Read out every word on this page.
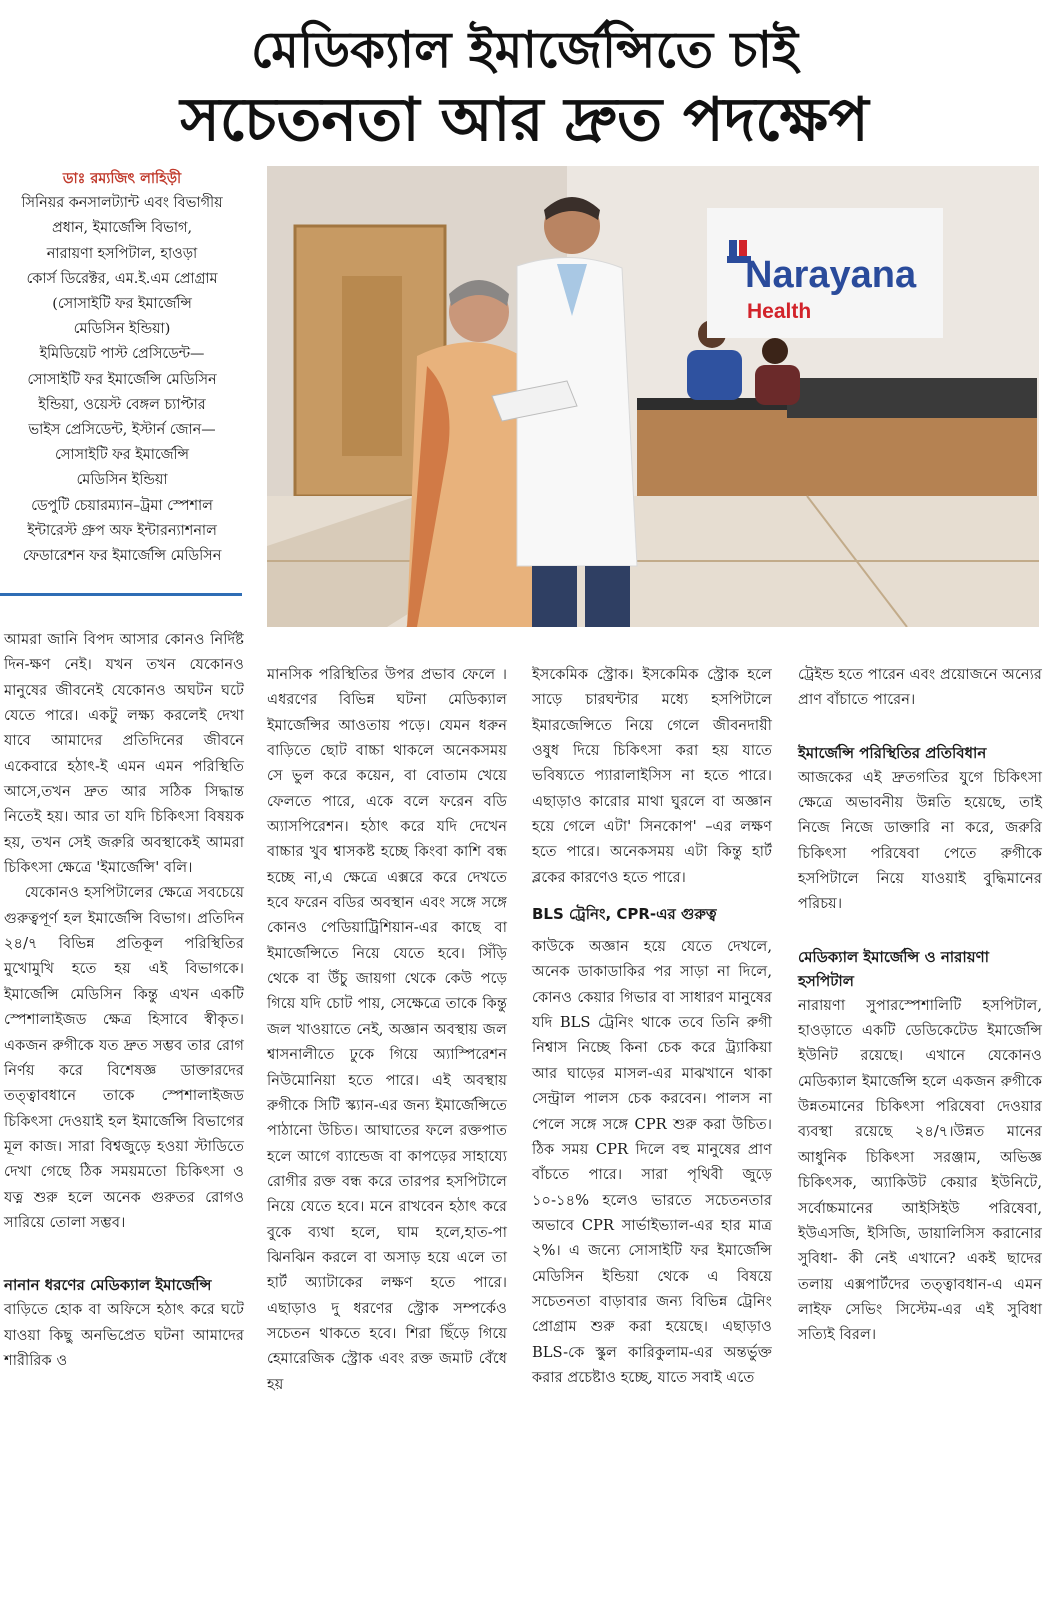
মেডিক্যাল ইমার্জেন্সিতে চাই
সচেতনতা আর দ্রুত পদক্ষেপ
ডাঃ রম্যজিৎ লাহিড়ী
সিনিয়র কনসালট্যান্ট এবং বিভাগীয়
প্রধান, ইমার্জেন্সি বিভাগ,
নারায়ণা হসপিটাল, হাওড়া
কোর্স ডিরেক্টর, এম.ই.এম প্রোগ্রাম
(সোসাইটি ফর ইমার্জেন্সি
মেডিসিন ইন্ডিয়া)
ইমিডিয়েট পাস্ট প্রেসিডেন্ট—
সোসাইটি ফর ইমার্জেন্সি মেডিসিন
ইন্ডিয়া, ওয়েস্ট বেঙ্গল চ্যাপ্টার
ভাইস প্রেসিডেন্ট, ইস্টার্ন জোন—
সোসাইটি ফর ইমার্জেন্সি
মেডিসিন ইন্ডিয়া
ডেপুটি চেয়ারম্যান–ট্রমা স্পেশাল
ইন্টারেস্ট গ্রুপ অফ ইন্টারন্যাশনাল
ফেডারেশন ফর ইমার্জেন্সি মেডিসিন
Narayana
Health

আমরা জানি বিপদ আসার কোনও নির্দিষ্ট দিন-ক্ষণ নেই। যখন তখন যেকোনও মানুষের জীবনেই যেকোনও অঘটন ঘটে যেতে পারে। একটু লক্ষ্য করলেই দেখা যাবে আমাদের প্রতিদিনের জীবনে একেবারে হঠাৎ-ই এমন এমন পরিস্থিতি আসে,তখন দ্রুত আর সঠিক সিদ্ধান্ত নিতেই হয়। আর তা যদি চিকিৎসা বিষয়ক হয়, তখন সেই জরুরি অবস্থাকেই আমরা চিকিৎসা ক্ষেত্রে 'ইমার্জেন্সি' বলি।

যেকোনও হসপিটালের ক্ষেত্রে সবচেয়ে গুরুত্বপূর্ণ হল ইমার্জেন্সি বিভাগ। প্রতিদিন ২৪/৭ বিভিন্ন প্রতিকূল পরিস্থিতির মুখোমুখি হতে হয় এই বিভাগকে। ইমার্জেন্সি মেডিসিন কিন্তু এখন একটি স্পেশালাইজড ক্ষেত্র হিসাবে স্বীকৃত। একজন রুগীকে যত দ্রুত সম্ভব তার রোগ নির্ণয় করে বিশেষজ্ঞ ডাক্তারদের তত্ত্বাবধানে তাকে স্পেশালাইজড চিকিৎসা দেওয়াই হল ইমার্জেন্সি বিভাগের মূল কাজ। সারা বিশ্বজুড়ে হওয়া স্টাডিতে দেখা গেছে ঠিক সময়মতো চিকিৎসা ও যত্ন শুরু হলে অনেক গুরুতর রোগও সারিয়ে তোলা সম্ভব।

নানান ধরণের মেডিক্যাল ইমার্জেন্সি

বাড়িতে হোক বা অফিসে হঠাৎ করে ঘটে যাওয়া কিছু অনভিপ্রেত ঘটনা আমাদের শারীরিক ও

মানসিক পরিস্থিতির উপর প্রভাব ফেলে । এধরণের বিভিন্ন ঘটনা মেডিক্যাল ইমার্জেন্সির আওতায় পড়ে। যেমন ধরুন বাড়িতে ছোট বাচ্চা থাকলে অনেকসময় সে ভুল করে কয়েন, বা বোতাম খেয়ে ফেলতে পারে, একে বলে ফরেন বডি অ্যাসপিরেশন। হঠাৎ করে যদি দেখেন বাচ্চার খুব শ্বাসকষ্ট হচ্ছে কিংবা কাশি বন্ধ হচ্ছে না,এ ক্ষেত্রে এক্সরে করে দেখতে হবে ফরেন বডির অবস্থান এবং সঙ্গে সঙ্গে কোনও পেডিয়াট্রিশিয়ান-এর কাছে বা ইমার্জেন্সিতে নিয়ে যেতে হবে। সিঁড়ি থেকে বা উঁচু জায়গা থেকে কেউ পড়ে গিয়ে যদি চোট পায়, সেক্ষেত্রে তাকে কিন্তু জল খাওয়াতে নেই, অজ্ঞান অবস্থায় জল শ্বাসনালীতে ঢুকে গিয়ে অ্যাস্পিরেশন নিউমোনিয়া হতে পারে। এই অবস্থায় রুগীকে সিটি স্ক্যান-এর জন্য ইমার্জেন্সিতে পাঠানো উচিত। আঘাতের ফলে রক্তপাত হলে আগে ব্যান্ডেজ বা কাপড়ের সাহায্যে রোগীর রক্ত বন্ধ করে তারপর হসপিটালে নিয়ে যেতে হবে। মনে রাখবেন হঠাৎ করে বুকে ব্যথা হলে, ঘাম হলে,হাত-পা ঝিনঝিন করলে বা অসাড় হয়ে এলে তা হার্ট অ্যাটাকের লক্ষণ হতে পারে। এছাড়াও দু ধরণের স্ট্রোক সম্পর্কেও সচেতন থাকতে হবে। শিরা ছিঁড়ে গিয়ে হেমারেজিক স্ট্রোক এবং রক্ত জমাট বেঁধে হয়

ইসকেমিক স্ট্রোক। ইসকেমিক স্ট্রোক হলে সাড়ে চারঘন্টার মধ্যে হসপিটালে ইমারজেন্সিতে নিয়ে গেলে জীবনদায়ী ওষুধ দিয়ে চিকিৎসা করা হয় যাতে ভবিষ্যতে প্যারালাইসিস না হতে পারে। এছাড়াও কারোর মাথা ঘুরলে বা অজ্ঞান হয়ে গেলে এটা' সিনকোপ' –এর লক্ষণ হতে পারে। অনেকসময় এটা কিন্তু হার্ট ব্লকের কারণেও হতে পারে।

BLS ট্রেনিং, CPR-এর গুরুত্ব

কাউকে অজ্ঞান হয়ে যেতে দেখলে, অনেক ডাকাডাকির পর সাড়া না দিলে, কোনও কেয়ার গিভার বা সাধারণ মানুষের যদি BLS ট্রেনিং থাকে তবে তিনি রুগী নিশ্বাস নিচ্ছে কিনা চেক করে ট্র্যাকিয়া আর ঘাড়ের মাসল-এর মাঝখানে থাকা সেন্ট্রাল পালস চেক করবেন। পালস না পেলে সঙ্গে সঙ্গে CPR শুরু করা উচিত। ঠিক সময় CPR দিলে বহু মানুষের প্রাণ বাঁচতে পারে। সারা পৃথিবী জুড়ে ১০-১৪% হলেও ভারতে সচেতনতার অভাবে CPR সার্ভাইভ্যাল-এর হার মাত্র ২%। এ জন্যে সোসাইটি ফর ইমার্জেন্সি মেডিসিন ইন্ডিয়া থেকে এ বিষয়ে সচেতনতা বাড়াবার জন্য বিভিন্ন ট্রেনিং প্রোগ্রাম শুরু করা হয়েছে। এছাড়াও BLS-কে স্কুল কারিকুলাম-এর অন্তর্ভুক্ত করার প্রচেষ্টাও হচ্ছে, যাতে সবাই এতে

ট্রেইন্ড হতে পারেন এবং প্রয়োজনে অন্যের প্রাণ বাঁচাতে পারেন।

ইমার্জেন্সি পরিস্থিতির প্রতিবিধান

আজকের এই দ্রুতগতির যুগে চিকিৎসা ক্ষেত্রে অভাবনীয় উন্নতি হয়েছে, তাই নিজে নিজে ডাক্তারি না করে, জরুরি চিকিৎসা পরিষেবা পেতে রুগীকে হসপিটালে নিয়ে যাওয়াই বুদ্ধিমানের পরিচয়।

মেডিক্যাল ইমার্জেন্সি ও নারায়ণা হসপিটাল

নারায়ণা সুপারস্পেশালিটি হসপিটাল, হাওড়াতে একটি ডেডিকেটেড ইমার্জেন্সি ইউনিট রয়েছে। এখানে যেকোনও মেডিক্যাল ইমার্জেন্সি হলে একজন রুগীকে উন্নতমানের চিকিৎসা পরিষেবা দেওয়ার ব্যবস্থা রয়েছে ২৪/৭।উন্নত মানের আধুনিক চিকিৎসা সরঞ্জাম, অভিজ্ঞ চিকিৎসক, অ্যাকিউট কেয়ার ইউনিটে, সর্বোচ্চমানের আইসিইউ পরিষেবা, ইউএসজি, ইসিজি, ডায়ালিসিস করানোর সুবিধা- কী নেই এখানে? একই ছাদের তলায় এক্সপার্টদের তত্ত্বাবধান-এ এমন লাইফ সেভিং সিস্টেম-এর এই সুবিধা সত্যিই বিরল।
